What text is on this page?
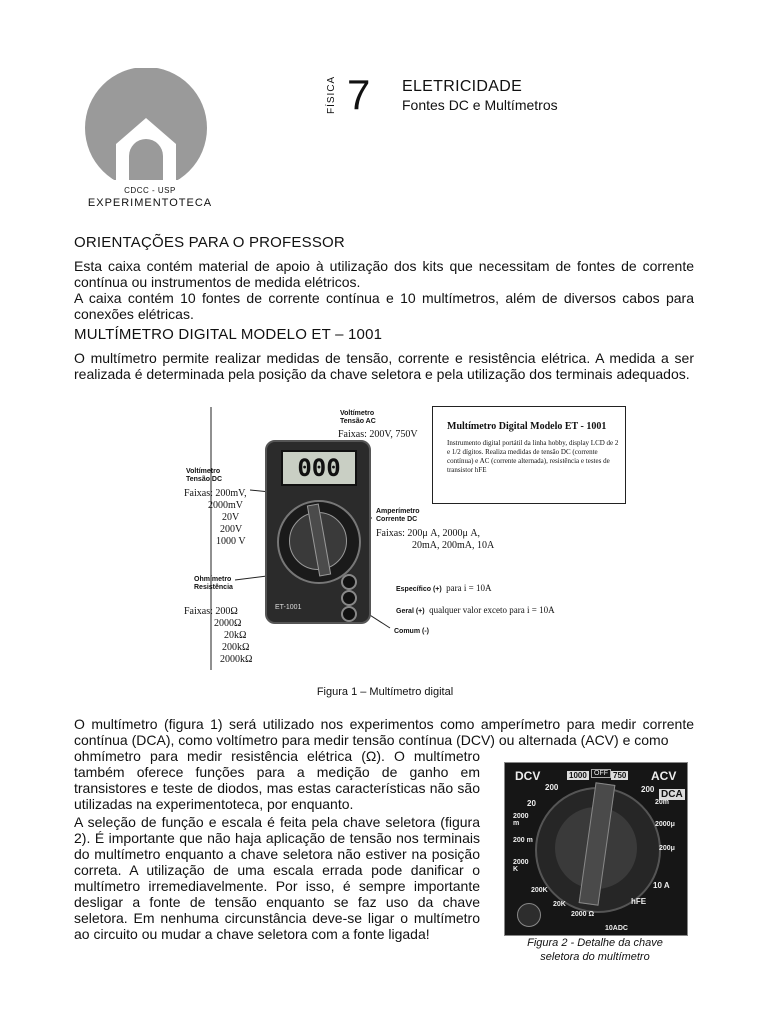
CDCC - USP
EXPERIMENTOTECA
FÍSICA 7 ELETRICIDADE
Fontes DC e Multímetros
ORIENTAÇÕES PARA O PROFESSOR
Esta caixa contém material de apoio à utilização dos kits que necessitam de fontes de corrente contínua ou instrumentos de medida elétricos.
A caixa contém 10 fontes de corrente contínua e 10 multímetros, além de diversos cabos para conexões elétricas.
MULTÍMETRO DIGITAL MODELO ET – 1001
O multímetro permite realizar medidas de tensão, corrente e resistência elétrica. A medida a ser realizada é determinada pela posição da chave seletora e pela utilização dos terminais adequados.
000
ET-1001
Voltímetro Tensão AC
Faixas: 200V, 750V
Multímetro Digital Modelo ET - 1001
Instrumento digital portátil da linha hobby, display LCD de 2 e 1/2 dígitos. Realiza medidas de tensão DC (corrente contínua) e AC (corrente alternada), resistência e testes de transistor hFE
Voltímetro Tensão DC
Faixas: 200mV,
2000mV
20V
200V
1000 V
Amperímetro Corrente DC
Faixas: 200μ A, 2000μ A,
20mA, 200mA, 10A
Ohmímetro Resistência
Faixas: 200Ω
2000Ω
20kΩ
200kΩ
2000kΩ
Específico (+) para i = 10A
Geral (+) qualquer valor exceto para i = 10A
Comum (-)
Figura 1 – Multímetro digital
O multímetro (figura 1) será utilizado nos experimentos como amperímetro para medir corrente contínua (DCA), como voltímetro para medir tensão contínua (DCV) ou alternada (ACV) e como
ohmímetro para medir resistência elétrica (Ω). O multímetro também oferece funções para a medição de ganho em transistores e teste de diodos, mas estas características não são utilizadas na experimentoteca, por enquanto.
A seleção de função e escala é feita pela chave seletora (figura 2). É importante que não haja aplicação de tensão nos terminais do multímetro enquanto a chave seletora não estiver na posição correta. A utilização de uma escala errada pode danificar o multímetro irremediavelmente. Por isso, é sempre importante desligar a fonte de tensão enquanto se faz uso da chave seletora. Em nenhuma circunstância deve-se ligar o multímetro ao circuito ou mudar a chave seletora com a fonte ligada!
DCV	1000	OFF 750 ACV
DCA
200
20
2000 m
200 m
2000 K
200K
20K
2000 Ω
200
20m
2000μ
200μ
hFE
10 A
10ADC
Figura 2 - Detalhe da chave
seletora do multímetro
